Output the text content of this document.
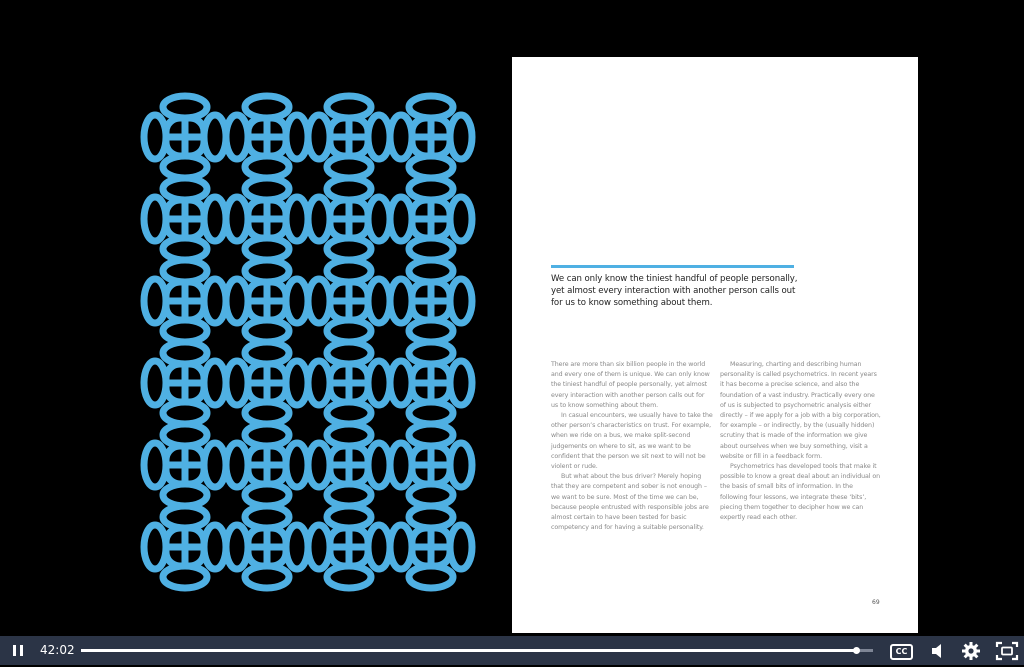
We can only know the tiniest handful of people personally, yet almost every interaction with another person calls out for us to know something about them.

There are more than six billion people in the world and every one of them is unique. We can only know the tiniest handful of people personally, yet almost every interaction with another person calls out for us to know something about them.

In casual encounters, we usually have to take the other person’s characteristics on trust. For example, when we ride on a bus, we make split-second judgements on where to sit, as we want to be confident that the person we sit next to will not be violent or rude.

But what about the bus driver? Merely hoping that they are competent and sober is not enough – we want to be sure. Most of the time we can be, because people entrusted with responsible jobs are almost certain to have been tested for basic competency and for having a suitable personality.

Measuring, charting and describing human personality is called psychometrics. In recent years it has become a precise science, and also the foundation of a vast industry. Practically every one of us is subjected to psychometric analysis either directly – if we apply for a job with a big corporation, for example – or indirectly, by the (usually hidden) scrutiny that is made of the information we give about ourselves when we buy something, visit a website or fill in a feedback form.

Psychometrics has developed tools that make it possible to know a great deal about an individual on the basis of small bits of information. In the following four lessons, we integrate these ‘bits’, piecing them together to decipher how we can expertly read each other.

69
42:02	CC
